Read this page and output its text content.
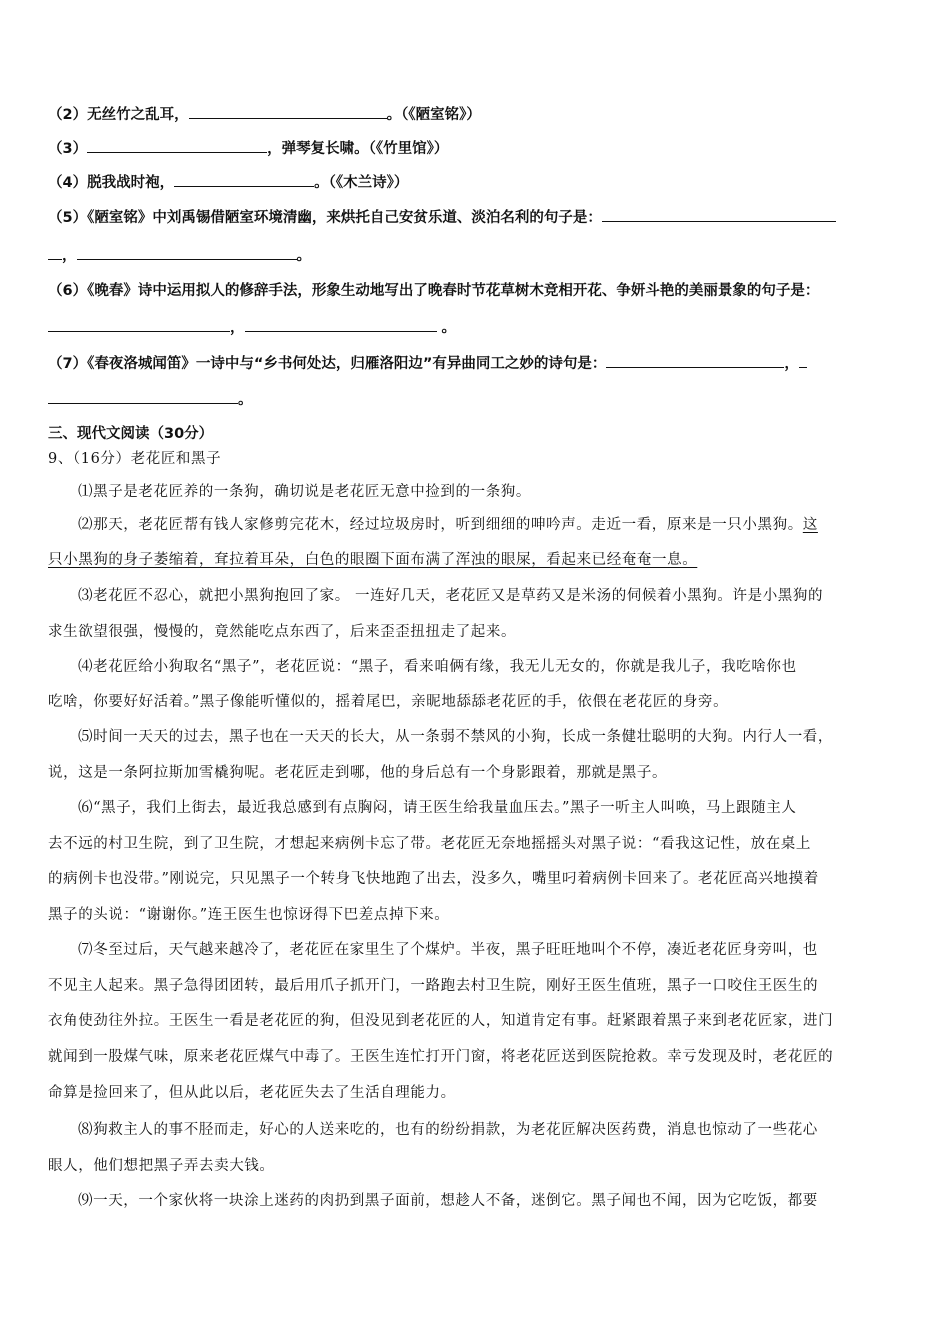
（2）无丝竹之乱耳，	。（《陋室铭》）
（3）	，弹琴复长啸。（《竹里馆》）
（4）脱我战时袍，	。（《木兰诗》）
（5）《陋室铭》中刘禹锡借陋室环境清幽，来烘托自己安贫乐道、淡泊名利的句子是：
，	。
（6）《晚春》诗中运用拟人的修辞手法，形象生动地写出了晚春时节花草树木竞相开花、争妍斗艳的美丽景象的句子是：
，	。
（7）《春夜洛城闻笛》一诗中与“乡书何处达，归雁洛阳边”有异曲同工之妙的诗句是：	，
。
三、现代文阅读（30分）
9、（16分）老花匠和黑子
⑴黑子是老花匠养的一条狗，确切说是老花匠无意中捡到的一条狗。
⑵那天，老花匠帮有钱人家修剪完花木，经过垃圾房时，听到细细的呻吟声。走近一看，原来是一只小黑狗。这
只小黑狗的身子萎缩着，耷拉着耳朵，白色的眼圈下面布满了浑浊的眼屎，看起来已经奄奄一息。
⑶老花匠不忍心，就把小黑狗抱回了家。 一连好几天，老花匠又是草药又是米汤的伺候着小黑狗。许是小黑狗的
求生欲望很强，慢慢的，竟然能吃点东西了，后来歪歪扭扭走了起来。
⑷老花匠给小狗取名“黑子”，老花匠说：“黑子，看来咱俩有缘，我无儿无女的，你就是我儿子，我吃啥你也
吃啥，你要好好活着。”黑子像能听懂似的，摇着尾巴，亲昵地舔舔老花匠的手，依偎在老花匠的身旁。
⑸时间一天天的过去，黑子也在一天天的长大，从一条弱不禁风的小狗，长成一条健壮聪明的大狗。内行人一看，
说，这是一条阿拉斯加雪橇狗呢。老花匠走到哪，他的身后总有一个身影跟着，那就是黑子。
⑹“黑子，我们上街去，最近我总感到有点胸闷，请王医生给我量血压去。”黑子一听主人叫唤，马上跟随主人
去不远的村卫生院，到了卫生院，才想起来病例卡忘了带。老花匠无奈地摇摇头对黑子说：“看我这记性，放在桌上
的病例卡也没带。”刚说完，只见黑子一个转身飞快地跑了出去，没多久，嘴里叼着病例卡回来了。老花匠高兴地摸着
黑子的头说：“谢谢你。”连王医生也惊讶得下巴差点掉下来。
⑺冬至过后，天气越来越冷了，老花匠在家里生了个煤炉。半夜，黑子旺旺地叫个不停，凑近老花匠身旁叫，也
不见主人起来。黑子急得团团转，最后用爪子抓开门，一路跑去村卫生院，刚好王医生值班，黑子一口咬住王医生的
衣角使劲往外拉。王医生一看是老花匠的狗，但没见到老花匠的人，知道肯定有事。赶紧跟着黑子来到老花匠家，进门
就闻到一股煤气味，原来老花匠煤气中毒了。王医生连忙打开门窗，将老花匠送到医院抢救。幸亏发现及时，老花匠的
命算是捡回来了，但从此以后，老花匠失去了生活自理能力。
⑻狗救主人的事不胫而走，好心的人送来吃的，也有的纷纷捐款，为老花匠解决医药费，消息也惊动了一些花心
眼人，他们想把黑子弄去卖大钱。
⑼一天，一个家伙将一块涂上迷药的肉扔到黑子面前，想趁人不备，迷倒它。黑子闻也不闻，因为它吃饭，都要
